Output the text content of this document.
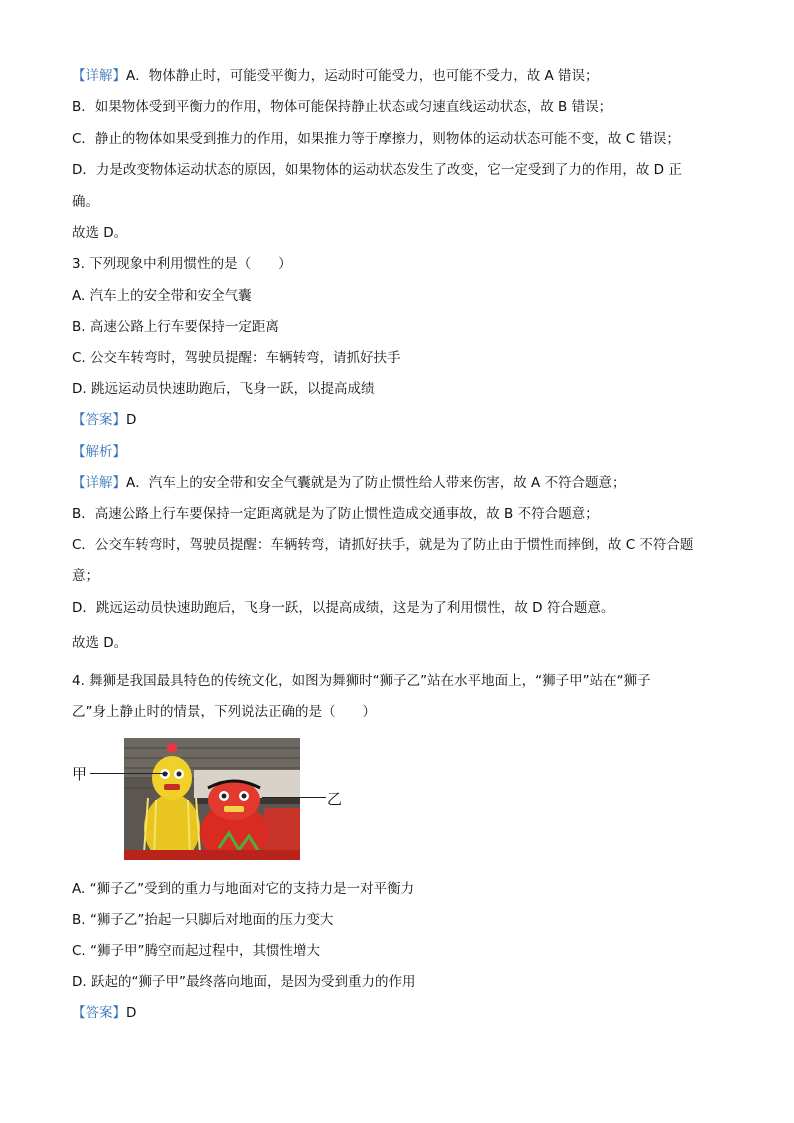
【详解】A．物体静止时，可能受平衡力，运动时可能受力，也可能不受力，故 A 错误；
B．如果物体受到平衡力的作用，物体可能保持静止状态或匀速直线运动状态，故 B 错误；
C．静止的物体如果受到推力的作用，如果推力等于摩擦力，则物体的运动状态可能不变，故 C 错误；
D．力是改变物体运动状态的原因，如果物体的运动状态发生了改变，它一定受到了力的作用，故 D 正
确。
故选 D。
3. 下列现象中利用惯性的是（　　）
A. 汽车上的安全带和安全气囊
B. 高速公路上行车要保持一定距离
C. 公交车转弯时，驾驶员提醒：车辆转弯，请抓好扶手
D. 跳远运动员快速助跑后，飞身一跃，以提高成绩
【答案】D
【解析】
【详解】A．汽车上的安全带和安全气囊就是为了防止惯性给人带来伤害，故 A 不符合题意；
B．高速公路上行车要保持一定距离就是为了防止惯性造成交通事故，故 B 不符合题意；
C．公交车转弯时，驾驶员提醒：车辆转弯，请抓好扶手，就是为了防止由于惯性而摔倒，故 C 不符合题
意；
D．跳远运动员快速助跑后，飞身一跃，以提高成绩，这是为了利用惯性，故 D 符合题意。
故选 D。
4. 舞狮是我国最具特色的传统文化，如图为舞狮时“狮子乙”站在水平地面上，“狮子甲”站在“狮子
乙”身上静止时的情景，下列说法正确的是（　　）
甲
乙
A. “狮子乙”受到的重力与地面对它的支持力是一对平衡力
B. “狮子乙”抬起一只脚后对地面的压力变大
C. “狮子甲”腾空而起过程中，其惯性增大
D. 跃起的“狮子甲”最终落向地面，是因为受到重力的作用
【答案】D
